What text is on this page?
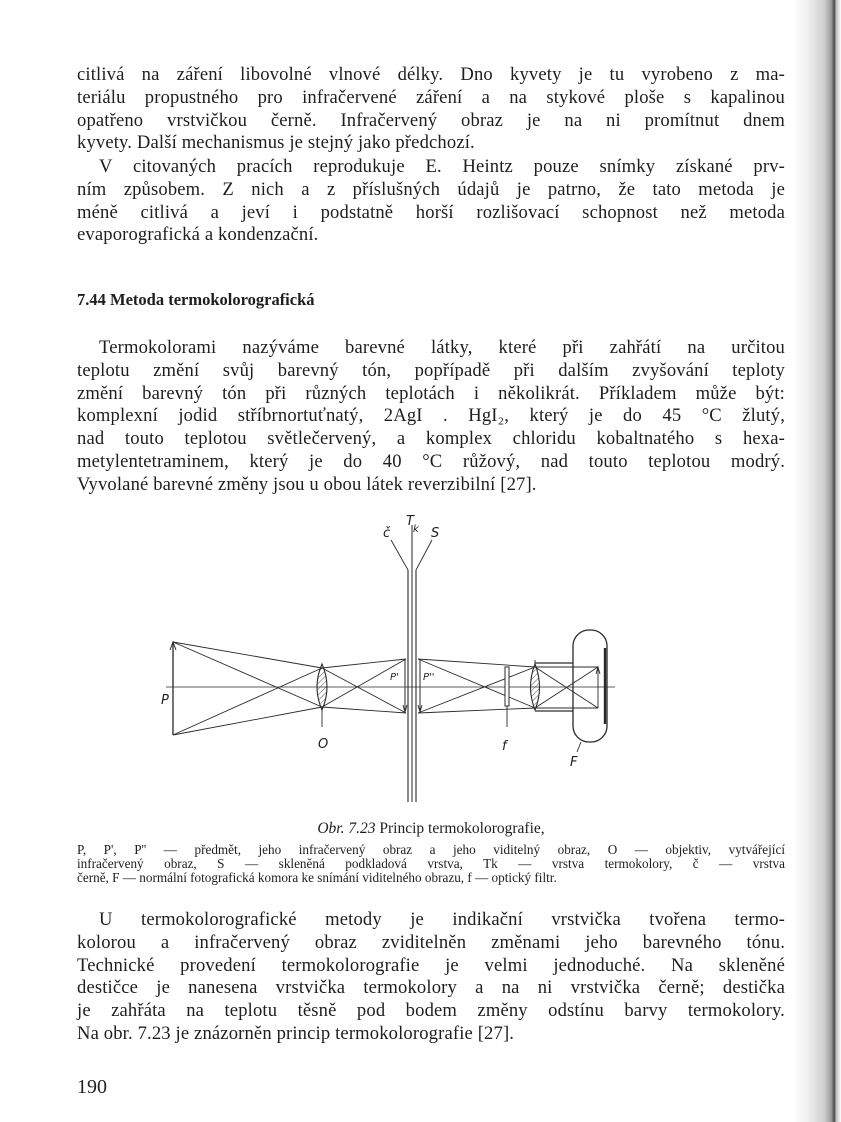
citlivá na záření libovolné vlnové délky. Dno kyvety je tu vyrobeno z ma-
teriálu propustného pro infračervené záření a na stykové ploše s kapalinou
opatřeno vrstvičkou černě. Infračervený obraz je na ni promítnut dnem
kyvety. Další mechanismus je stejný jako předchozí.
V citovaných pracích reprodukuje E. Heintz pouze snímky získané prv-
ním způsobem. Z nich a z příslušných údajů je patrno, že tato metoda je
méně citlivá a jeví i podstatně horší rozlišovací schopnost než metoda
evaporografická a kondenzační.
7.44 Metoda termokolorografická
Termokolorami nazýváme barevné látky, které při zahřátí na určitou
teplotu změní svůj barevný tón, popřípadě při dalším zvyšování teploty
změní barevný tón při různých teplotách i několikrát. Příkladem může být:
komplexní jodid stříbrnortuťnatý, 2AgI . HgI₂, který je do 45 °C žlutý,
nad touto teplotou světlečervený, a komplex chloridu kobaltnatého s hexa-
metylentetraminem, který je do 40 °C růžový, nad touto teplotou modrý.
Vyvolané barevné změny jsou u obou látek reverzibilní [27].
Obr. 7.23 Princip termokolorografie,
P, P', P'' — předmět, jeho infračervený obraz a jeho viditelný obraz, O — objektiv, vytvářející
infračervený obraz, S — skleněná podkladová vrstva, Tk — vrstva termokolory, č — vrstva
černě, F — normální fotografická komora ke snímání viditelného obrazu, f — optický filtr.
U termokolorografické metody je indikační vrstvička tvořena termo-
kolorou a infračervený obraz zviditelněn změnami jeho barevného tónu.
Technické provedení termokolorografie je velmi jednoduché. Na skleněné
destičce je nanesena vrstvička termokolory a na ni vrstvička černě; destička
je zahřáta na teplotu těsně pod bodem změny odstínu barvy termokolory.
Na obr. 7.23 je znázorněn princip termokolorografie [27].
190
P
O
P' P''
č
T
k S
f
F
